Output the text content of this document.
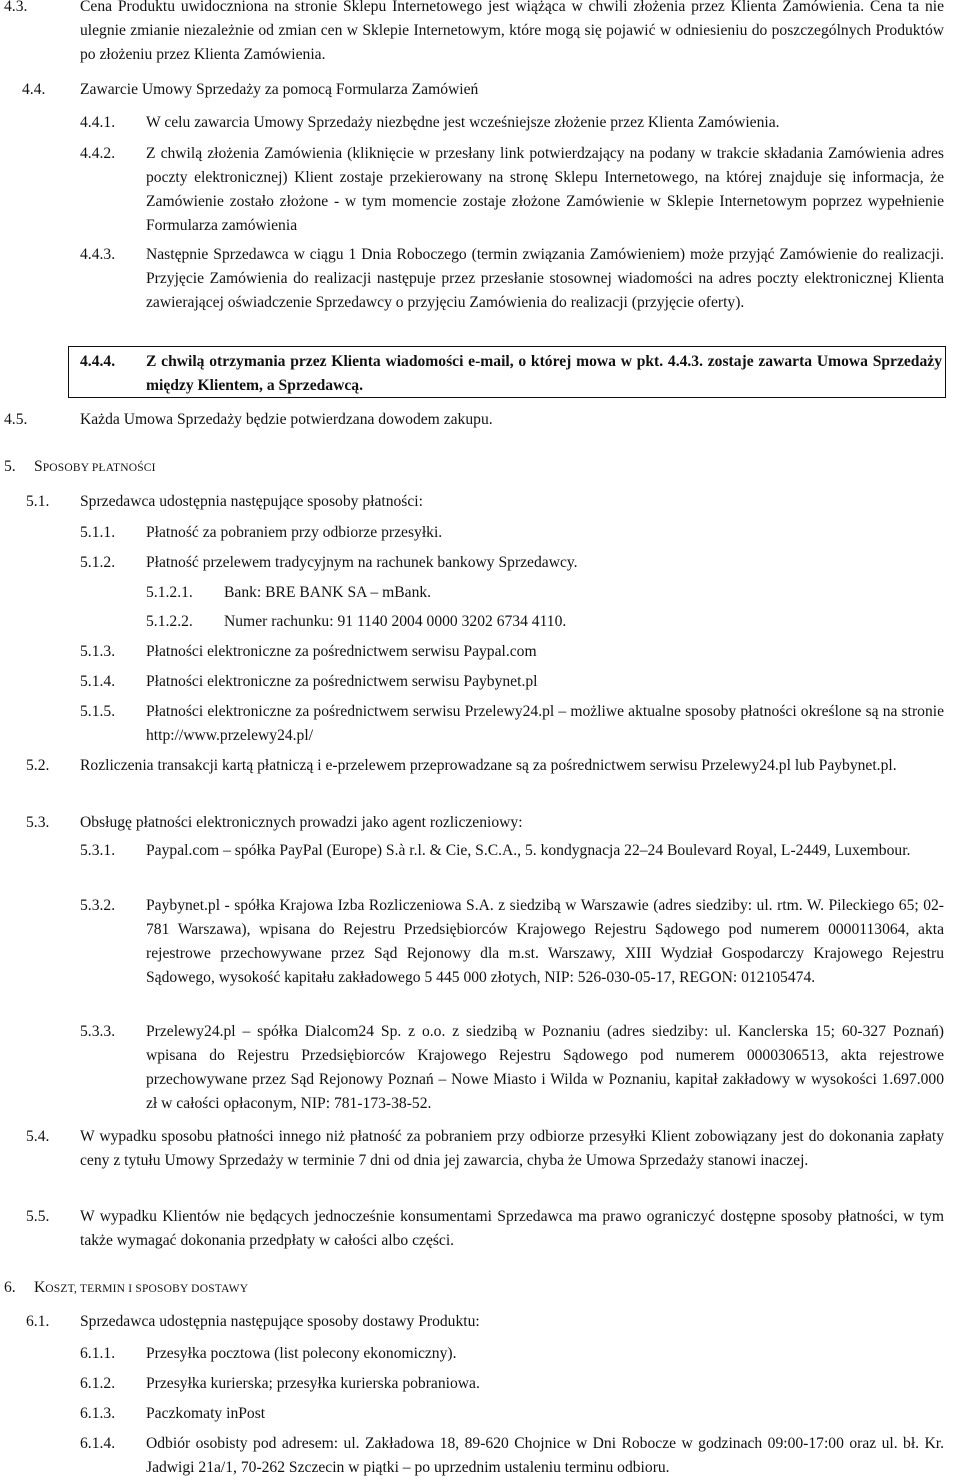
4.3.	Cena Produktu uwidoczniona na stronie Sklepu Internetowego jest wiążąca w chwili złożenia przez Klienta Zamówienia. Cena ta nie ulegnie zmianie niezależnie od zmian cen w Sklepie Internetowym, które mogą się pojawić w odniesieniu do poszczególnych Produktów po złożeniu przez Klienta Zamówienia.
4.4. Zawarcie Umowy Sprzedaży za pomocą Formularza Zamówień
4.4.1. W celu zawarcia Umowy Sprzedaży niezbędne jest wcześniejsze złożenie przez Klienta Zamówienia.
4.4.2. Z chwilą złożenia Zamówienia (kliknięcie w przesłany link potwierdzający na podany w trakcie składania Zamówienia adres poczty elektronicznej) Klient zostaje przekierowany na stronę Sklepu Internetowego, na której znajduje się informacja, że Zamówienie zostało złożone - w tym momencie zostaje złożone Zamówienie w Sklepie Internetowym poprzez wypełnienie Formularza zamówienia
4.4.3. Następnie Sprzedawca w ciągu 1 Dnia Roboczego (termin związania Zamówieniem) może przyjąć Zamówienie do realizacji. Przyjęcie Zamówienia do realizacji następuje przez przesłanie stosownej wiadomości na adres poczty elektronicznej Klienta zawierającej oświadczenie Sprzedawcy o przyjęciu Zamówienia do realizacji (przyjęcie oferty).
4.4.4. Z chwilą otrzymania przez Klienta wiadomości e-mail, o której mowa w pkt. 4.4.3. zostaje zawarta Umowa Sprzedaży między Klientem, a Sprzedawcą.
4.5.	Każda Umowa Sprzedaży będzie potwierdzana dowodem zakupu.
5. SPOSOBY PŁATNOŚCI
5.1. Sprzedawca udostępnia następujące sposoby płatności:
5.1.1. Płatność za pobraniem przy odbiorze przesyłki.
5.1.2. Płatność przelewem tradycyjnym na rachunek bankowy Sprzedawcy.
5.1.2.1. Bank: BRE BANK SA – mBank.
5.1.2.2. Numer rachunku: 91 1140 2004 0000 3202 6734 4110.
5.1.3. Płatności elektroniczne za pośrednictwem serwisu Paypal.com
5.1.4. Płatności elektroniczne za pośrednictwem serwisu Paybynet.pl
5.1.5. Płatności elektroniczne za pośrednictwem serwisu Przelewy24.pl – możliwe aktualne sposoby płatności określone są na stronie http://www.przelewy24.pl/
5.2. Rozliczenia transakcji kartą płatniczą i e-przelewem przeprowadzane są za pośrednictwem serwisu Przelewy24.pl lub Paybynet.pl.
5.3. Obsługę płatności elektronicznych prowadzi jako agent rozliczeniowy:
5.3.1. Paypal.com – spółka PayPal (Europe) S.à r.l. & Cie, S.C.A., 5. kondygnacja 22–24 Boulevard Royal, L-2449, Luxembour.
5.3.2. Paybynet.pl - spółka Krajowa Izba Rozliczeniowa S.A. z siedzibą w Warszawie (adres siedziby: ul. rtm. W. Pileckiego 65; 02-781 Warszawa), wpisana do Rejestru Przedsiębiorców Krajowego Rejestru Sądowego pod numerem 0000113064, akta rejestrowe przechowywane przez Sąd Rejonowy dla m.st. Warszawy, XIII Wydział Gospodarczy Krajowego Rejestru Sądowego, wysokość kapitału zakładowego 5 445 000 złotych, NIP: 526-030-05-17, REGON: 012105474.
5.3.3. Przelewy24.pl – spółka Dialcom24 Sp. z o.o. z siedzibą w Poznaniu (adres siedziby: ul. Kanclerska 15; 60-327 Poznań) wpisana do Rejestru Przedsiębiorców Krajowego Rejestru Sądowego pod numerem 0000306513, akta rejestrowe przechowywane przez Sąd Rejonowy Poznań – Nowe Miasto i Wilda w Poznaniu, kapitał zakładowy w wysokości 1.697.000 zł w całości opłaconym, NIP: 781-173-38-52.
5.4. W wypadku sposobu płatności innego niż płatność za pobraniem przy odbiorze przesyłki Klient zobowiązany jest do dokonania zapłaty ceny z tytułu Umowy Sprzedaży w terminie 7 dni od dnia jej zawarcia, chyba że Umowa Sprzedaży stanowi inaczej.
5.5. W wypadku Klientów nie będących jednocześnie konsumentami Sprzedawca ma prawo ograniczyć dostępne sposoby płatności, w tym także wymagać dokonania przedpłaty w całości albo części.
6. KOSZT, TERMIN I SPOSOBY DOSTAWY
6.1. Sprzedawca udostępnia następujące sposoby dostawy Produktu:
6.1.1. Przesyłka pocztowa (list polecony ekonomiczny).
6.1.2. Przesyłka kurierska; przesyłka kurierska pobraniowa.
6.1.3. Paczkomaty inPost
6.1.4. Odbiór osobisty pod adresem: ul. Zakładowa 18, 89-620 Chojnice w Dni Robocze w godzinach 09:00-17:00 oraz ul. bł. Kr. Jadwigi 21a/1, 70-262 Szczecin w piątki – po uprzednim ustaleniu terminu odbioru.
